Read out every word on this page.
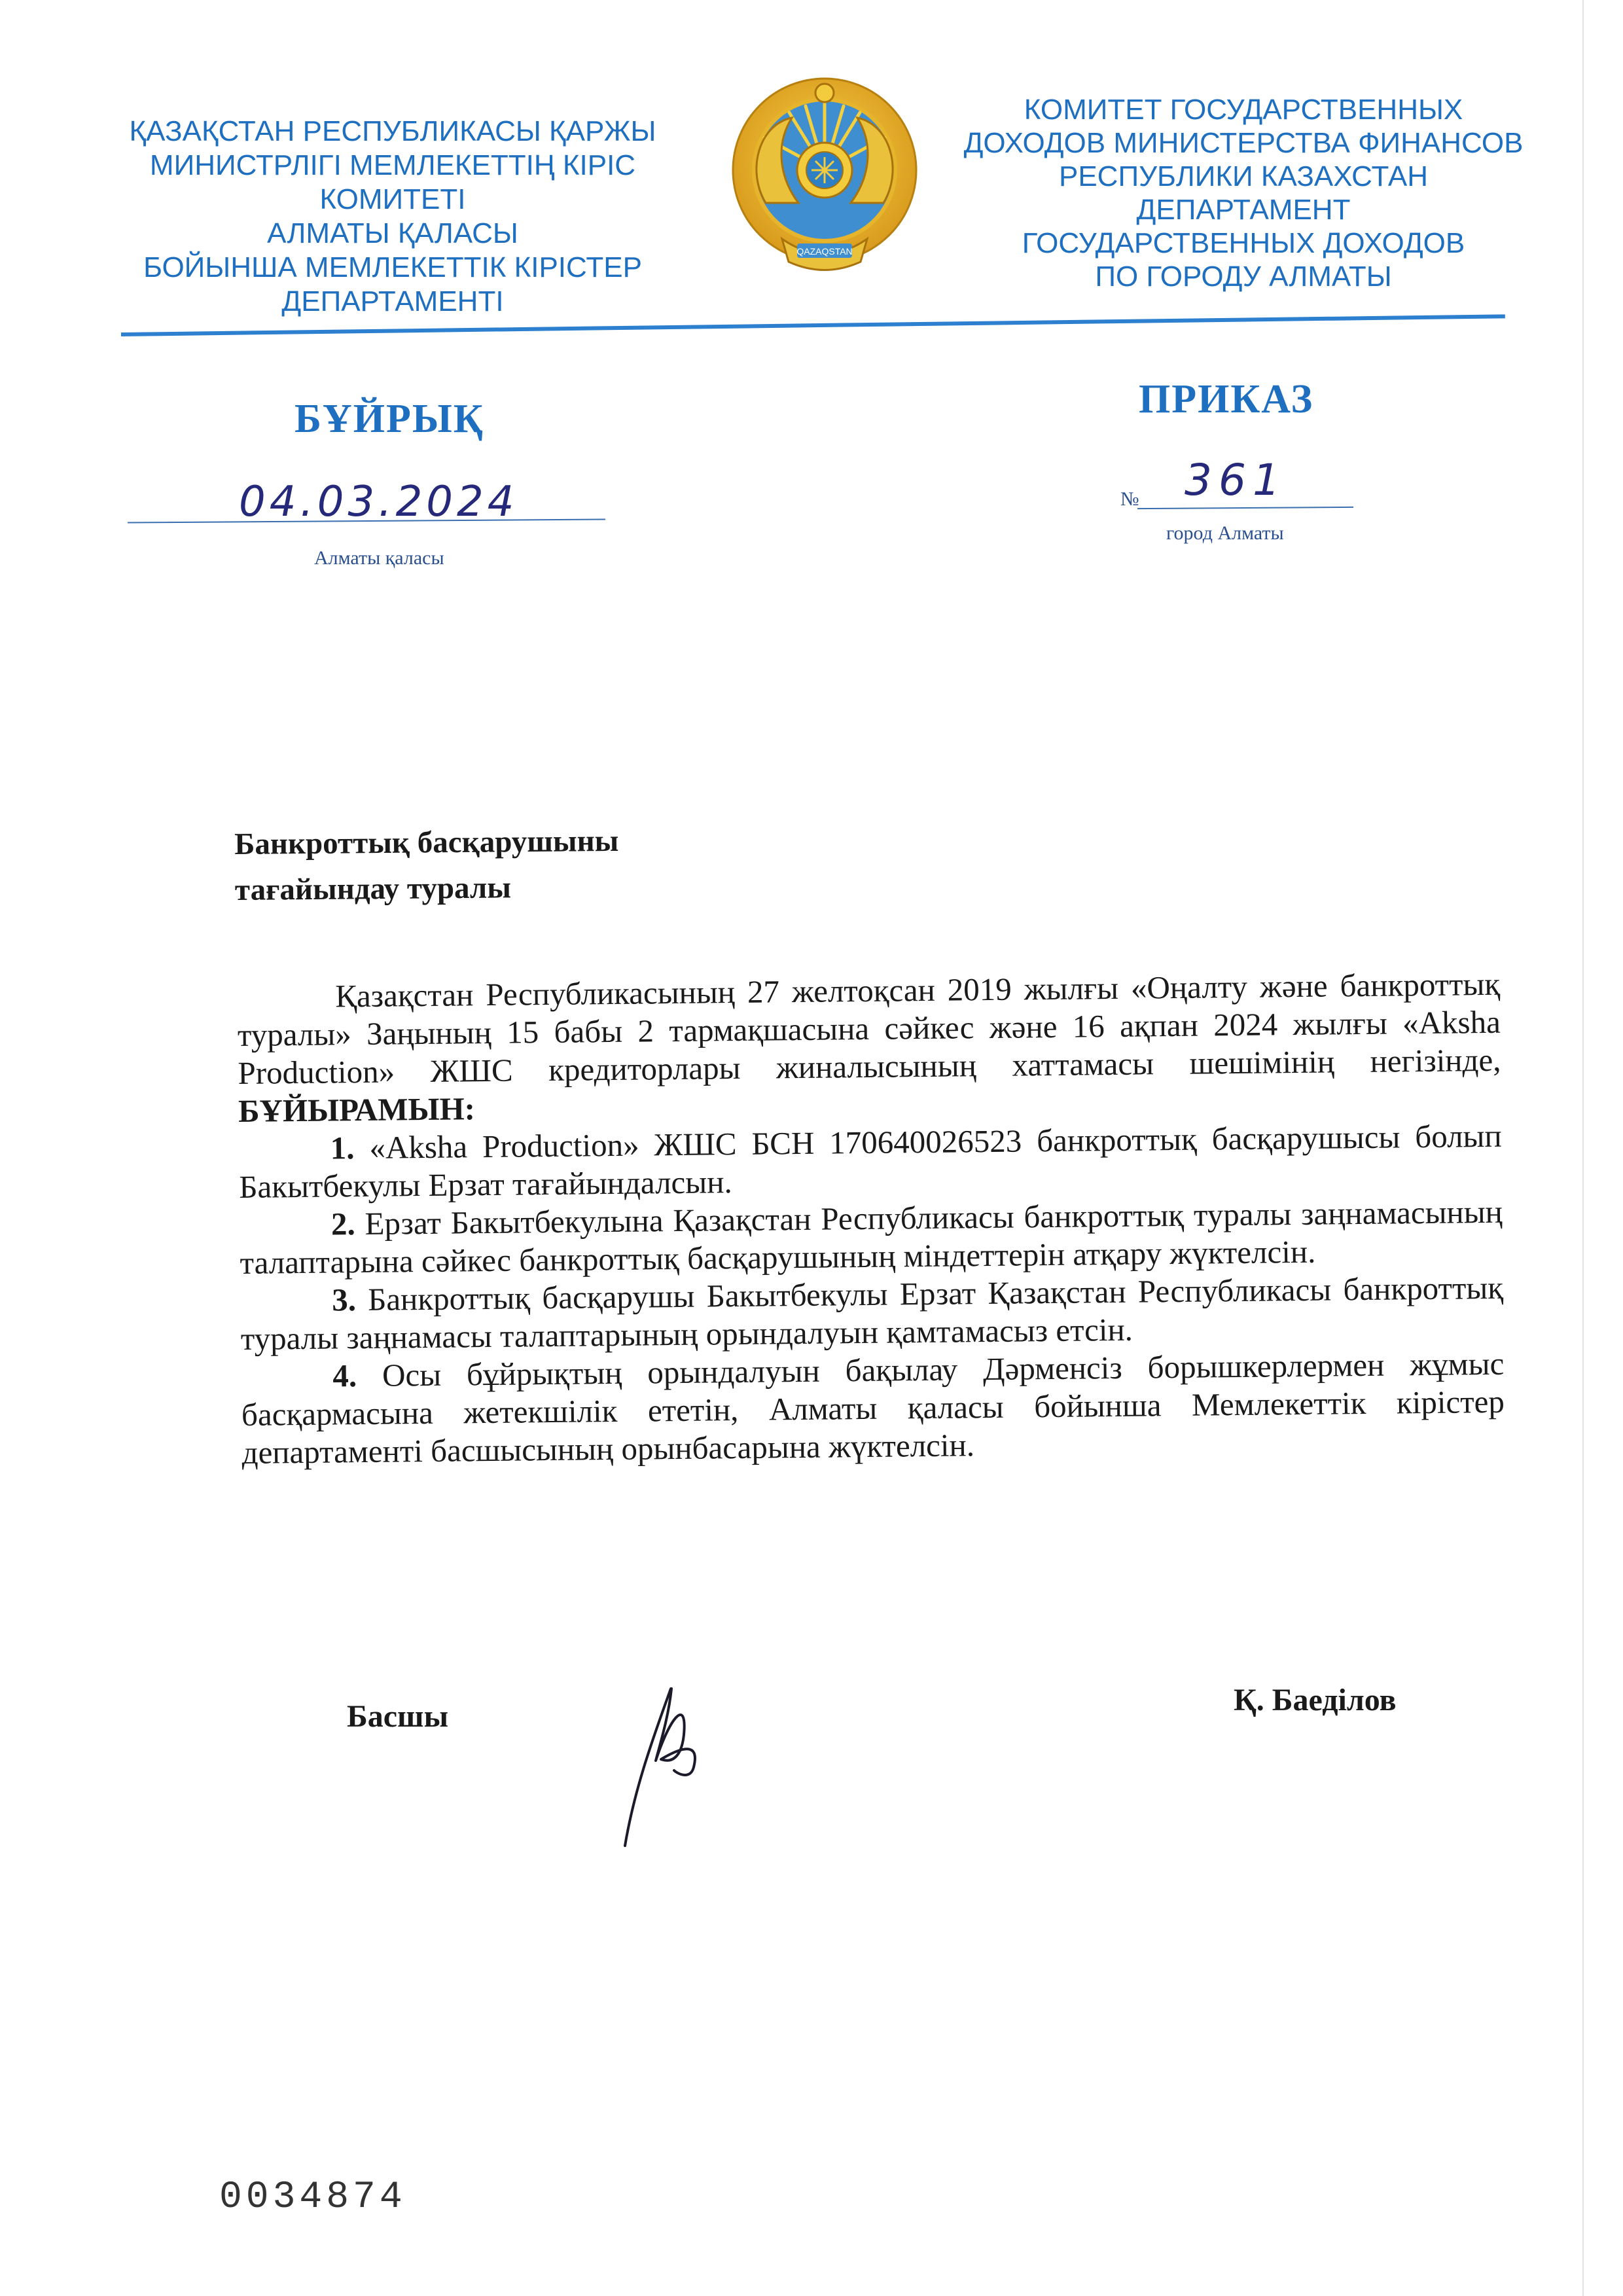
ҚАЗАҚСТАН РЕСПУБЛИКАСЫ ҚАРЖЫ
МИНИСТРЛІГІ МЕМЛЕКЕТТІҢ КІРІС
КОМИТЕТІ
АЛМАТЫ ҚАЛАСЫ
БОЙЫНША МЕМЛЕКЕТТІК КІРІСТЕР
ДЕПАРТАМЕНТІ
QAZAQSTAN
КОМИТЕТ ГОСУДАРСТВЕННЫХ
ДОХОДОВ МИНИСТЕРСТВА ФИНАНСОВ
РЕСПУБЛИКИ КАЗАХСТАН
ДЕПАРТАМЕНТ
ГОСУДАРСТВЕННЫХ ДОХОДОВ
ПО ГОРОДУ АЛМАТЫ
БҰЙРЫҚ	ПРИКАЗ
04.03.2024
Алматы қаласы
№ 361
город Алматы
Банкроттық басқарушыны
тағайындау туралы

Қазақстан Республикасының 27 желтоқсан 2019 жылғы «Оңалту және банкроттық туралы» Заңының 15 бабы 2 тармақшасына сәйкес және 16 ақпан 2024 жылғы «Aksha Production» ЖШС кредиторлары жиналысының хаттамасы шешімінің негізінде, БҰЙЫРАМЫН:

1. «Aksha Production» ЖШС БСН 170640026523 банкроттық басқарушысы болып Бакытбекулы Ерзат тағайындалсын.

2. Ерзат Бакытбекулына Қазақстан Республикасы банкроттық туралы заңнамасының талаптарына сәйкес банкроттық басқарушының міндеттерін атқару жүктелсін.

3. Банкроттық басқарушы Бакытбекулы Ерзат Қазақстан Республикасы банкроттық туралы заңнамасы талаптарының орындалуын қамтамасыз етсін.

4. Осы бұйрықтың орындалуын бақылау Дәрменсіз борышкерлермен жұмыс басқармасына жетекшілік ететін, Алматы қаласы бойынша Мемлекеттік кірістер департаменті басшысының орынбасарына жүктелсін.

Басшы	Қ. Баеділов
0034874
